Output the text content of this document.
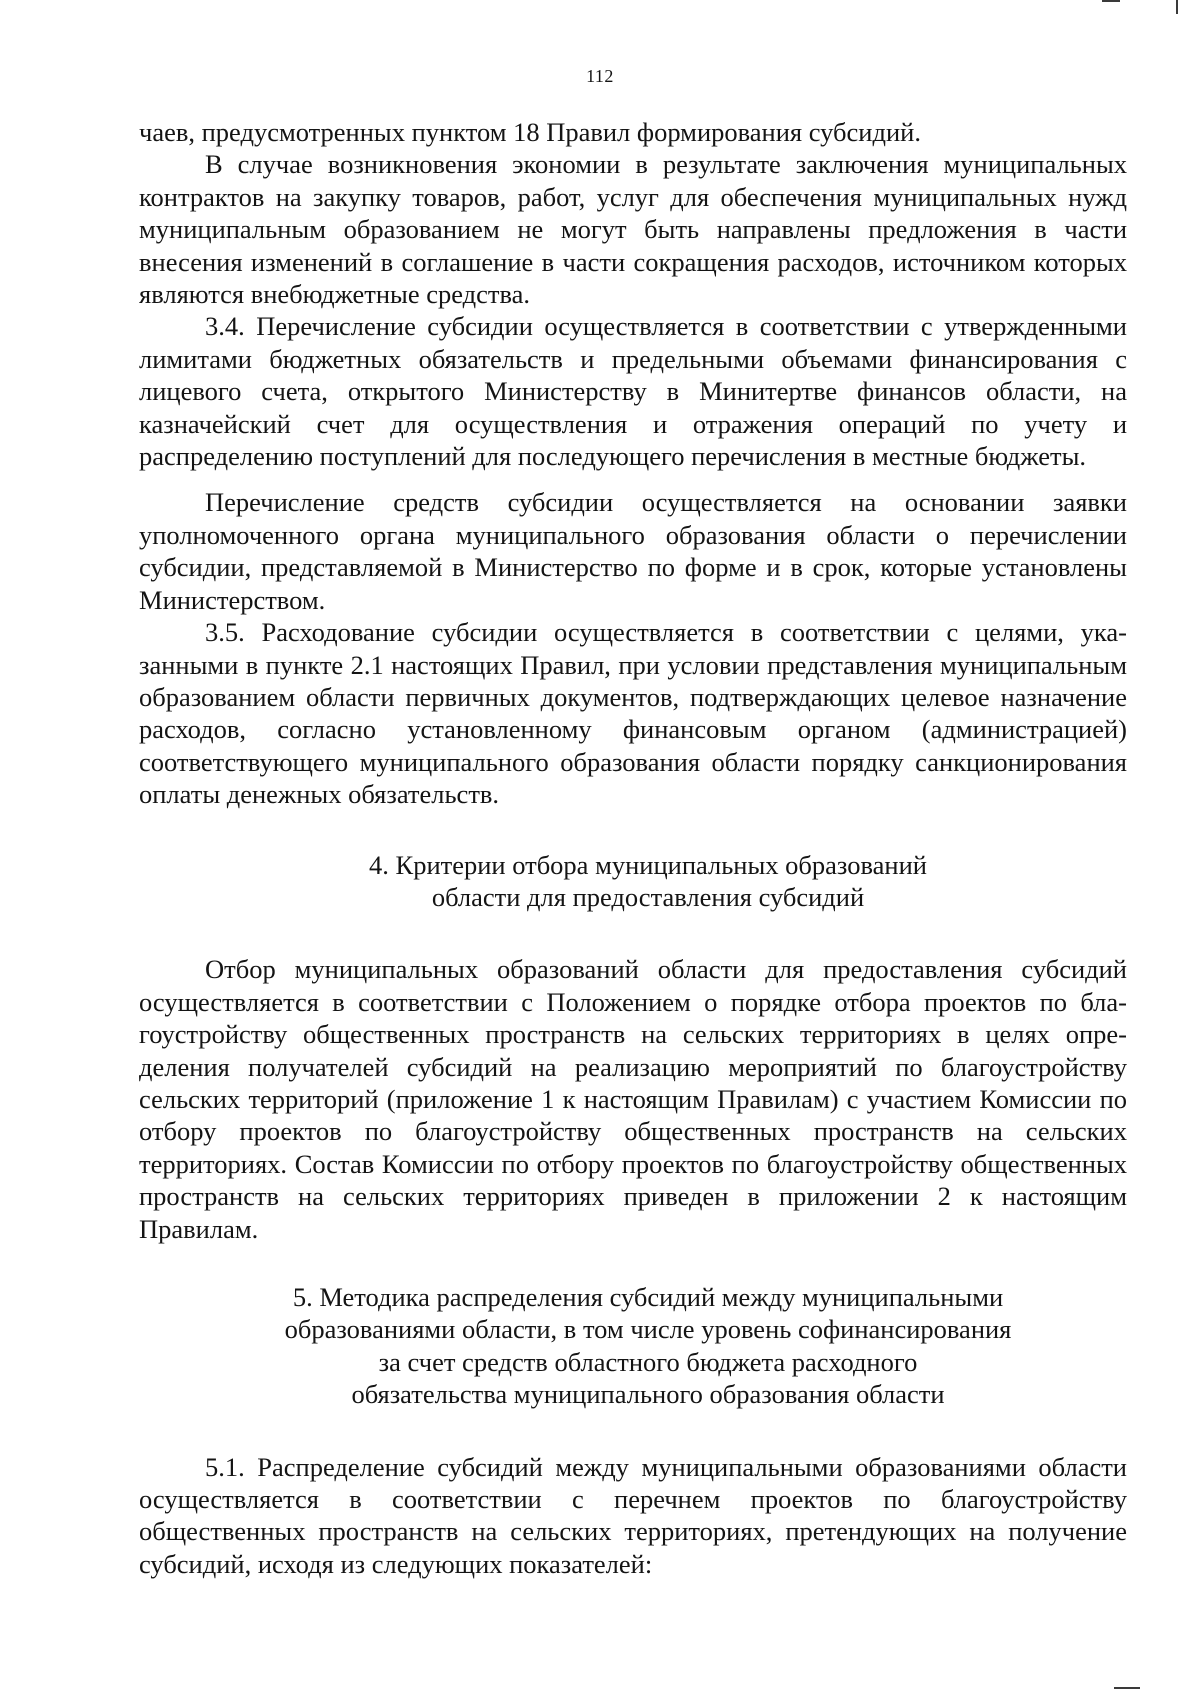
112

чаев, предусмотренных пунктом 18 Правил формирования субсидий.

В случае возникновения экономии в результате заключения муниципальных контрактов на закупку товаров, работ, услуг для обеспечения муниципальных нужд муниципальным образованием не могут быть направлены предложения в части внесения изменений в соглашение в части сокращения расходов, источником которых являются внебюджетные средства.

3.4. Перечисление субсидии осуществляется в соответствии с утвержденными лимитами бюджетных обязательств и предельными объемами финансирования с лицевого счета, открытого Министерству в Минитертве финансов области, на казначейский счет для осуществления и отражения операций по учету и распределению поступлений для последующего перечисления в местные бюджеты.

Перечисление средств субсидии осуществляется на основании заявки уполномоченного органа муниципального образования области о перечислении субсидии, представляемой в Министерство по форме и в срок, которые установлены Министерством.

3.5. Расходование субсидии осуществляется в соответствии с целями, указанными в пункте 2.1 настоящих Правил, при условии представления муниципальным образованием области первичных документов, подтверждающих целевое назначение расходов, согласно установленному финансовым органом (администрацией) соответствующего муниципального образования области порядку санкционирования оплаты денежных обязательств.

4. Критерии отбора муниципальных образований
области для предоставления субсидий

Отбор муниципальных образований области для предоставления субсидий осуществляется в соответствии с Положением о порядке отбора проектов по благоустройству общественных пространств на сельских территориях в целях определения получателей субсидий на реализацию мероприятий по благоустройству сельских территорий (приложение 1 к настоящим Правилам) с участием Комиссии по отбору проектов по благоустройству общественных пространств на сельских территориях. Состав Комиссии по отбору проектов по благоустройству общественных пространств на сельских территориях приведен в приложении 2 к настоящим Правилам.

5. Методика распределения субсидий между муниципальными
образованиями области, в том числе уровень софинансирования
за счет средств областного бюджета расходного
обязательства муниципального образования области

5.1. Распределение субсидий между муниципальными образованиями области осуществляется в соответствии с перечнем проектов по благоустройству общественных пространств на сельских территориях, претендующих на получение субсидий, исходя из следующих показателей:
